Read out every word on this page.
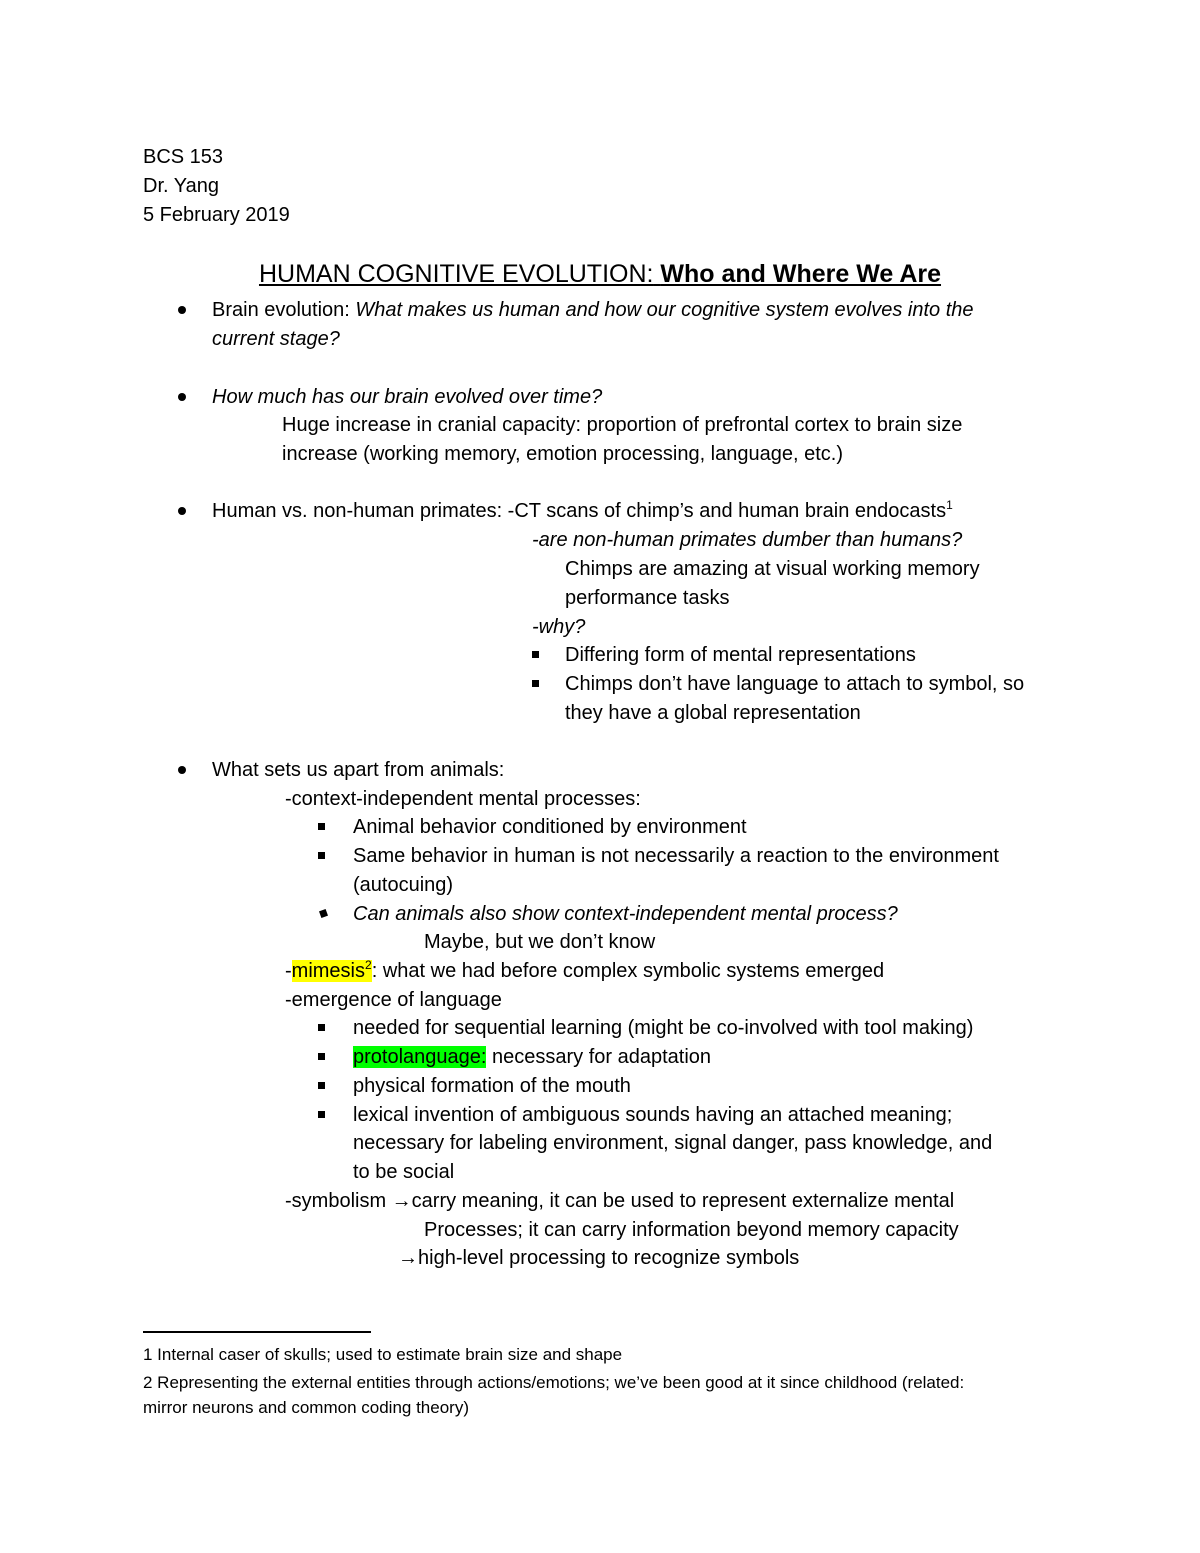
BCS 153
Dr. Yang
5 February 2019
HUMAN COGNITIVE EVOLUTION: Who and Where We Are
Brain evolution: What makes us human and how our cognitive system evolves into the
current stage?
How much has our brain evolved over time?
Huge increase in cranial capacity: proportion of prefrontal cortex to brain size
increase (working memory, emotion processing, language, etc.)
Human vs. non-human primates: -CT scans of chimp’s and human brain endocasts$^1$
-are non-human primates dumber than humans?
Chimps are amazing at visual working memory
performance tasks
-why?
Differing form of mental representations
Chimps don’t have language to attach to symbol, so
they have a global representation
What sets us apart from animals:
-context-independent mental processes:
Animal behavior conditioned by environment
Same behavior in human is not necessarily a reaction to the environment
(autocuing)
Can animals also show context-independent mental process?
Maybe, but we don’t know
-mimesis$^2$: what we had before complex symbolic systems emerged
-emergence of language
needed for sequential learning (might be co-involved with tool making)
protolanguage: necessary for adaptation
physical formation of the mouth
lexical invention of ambiguous sounds having an attached meaning;
necessary for labeling environment, signal danger, pass knowledge, and
to be social
-symbolism →carry meaning, it can be used to represent externalize mental
Processes; it can carry information beyond memory capacity
→high-level processing to recognize symbols
1 Internal caser of skulls; used to estimate brain size and shape
2 Representing the external entities through actions/emotions; we’ve been good at it since childhood (related:
mirror neurons and common coding theory)
